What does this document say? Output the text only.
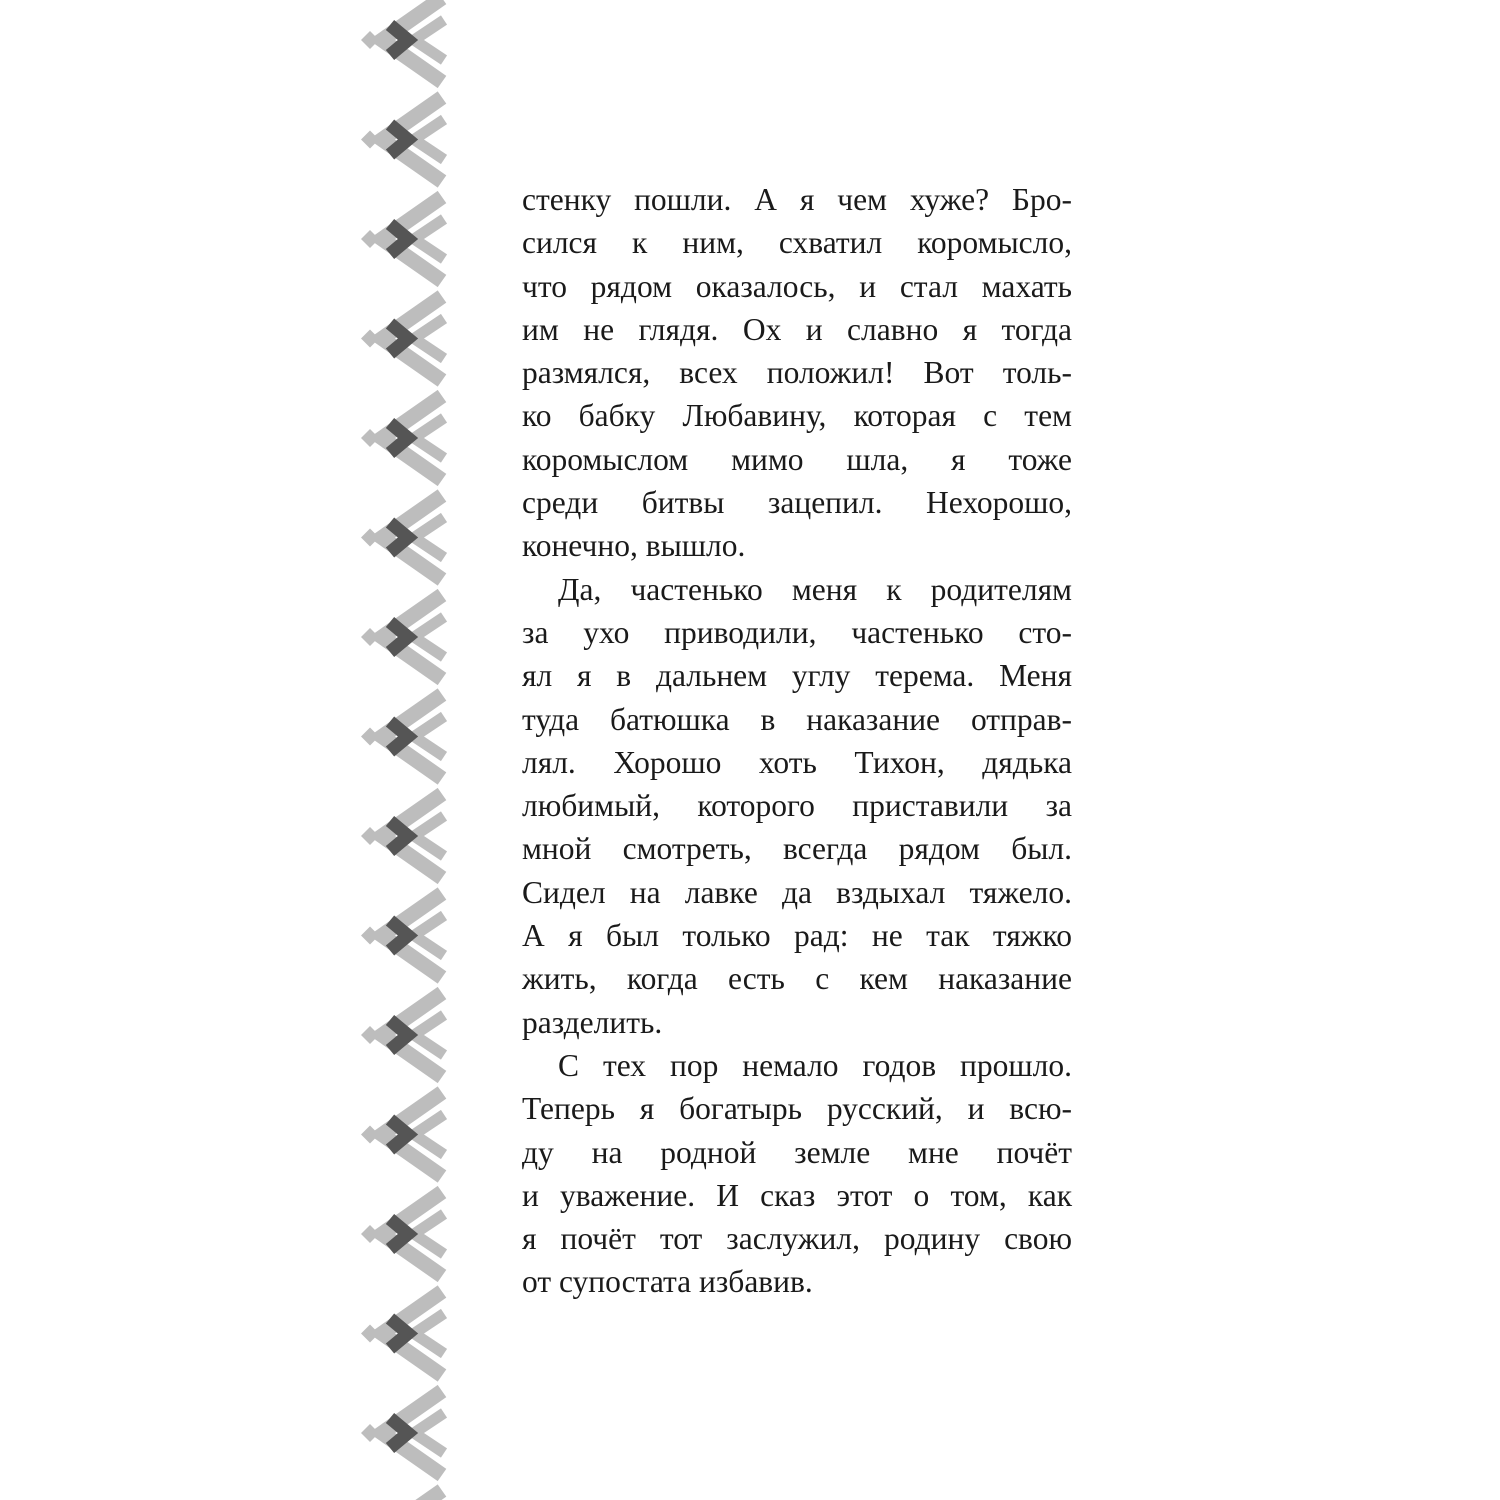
стенку пошли. А я чем хуже? Бро-
сился к ним, схватил коромысло,
что рядом оказалось, и стал махать
им не глядя. Ох и славно я тогда
размялся, всех положил! Вот толь-
ко бабку Любавину, которая с тем
коромыслом мимо шла, я тоже
среди битвы зацепил. Нехорошо,
конечно, вышло.
Да, частенько меня к родителям
за ухо приводили, частенько сто-
ял я в дальнем углу терема. Меня
туда батюшка в наказание отправ-
лял. Хорошо хоть Тихон, дядька
любимый, которого приставили за
мной смотреть, всегда рядом был.
Сидел на лавке да вздыхал тяжело.
А я был только рад: не так тяжко
жить, когда есть с кем наказание
разделить.
С тех пор немало годов прошло.
Теперь я богатырь русский, и всю-
ду на родной земле мне почёт
и уважение. И сказ этот о том, как
я почёт тот заслужил, родину свою
от супостата избавив.
